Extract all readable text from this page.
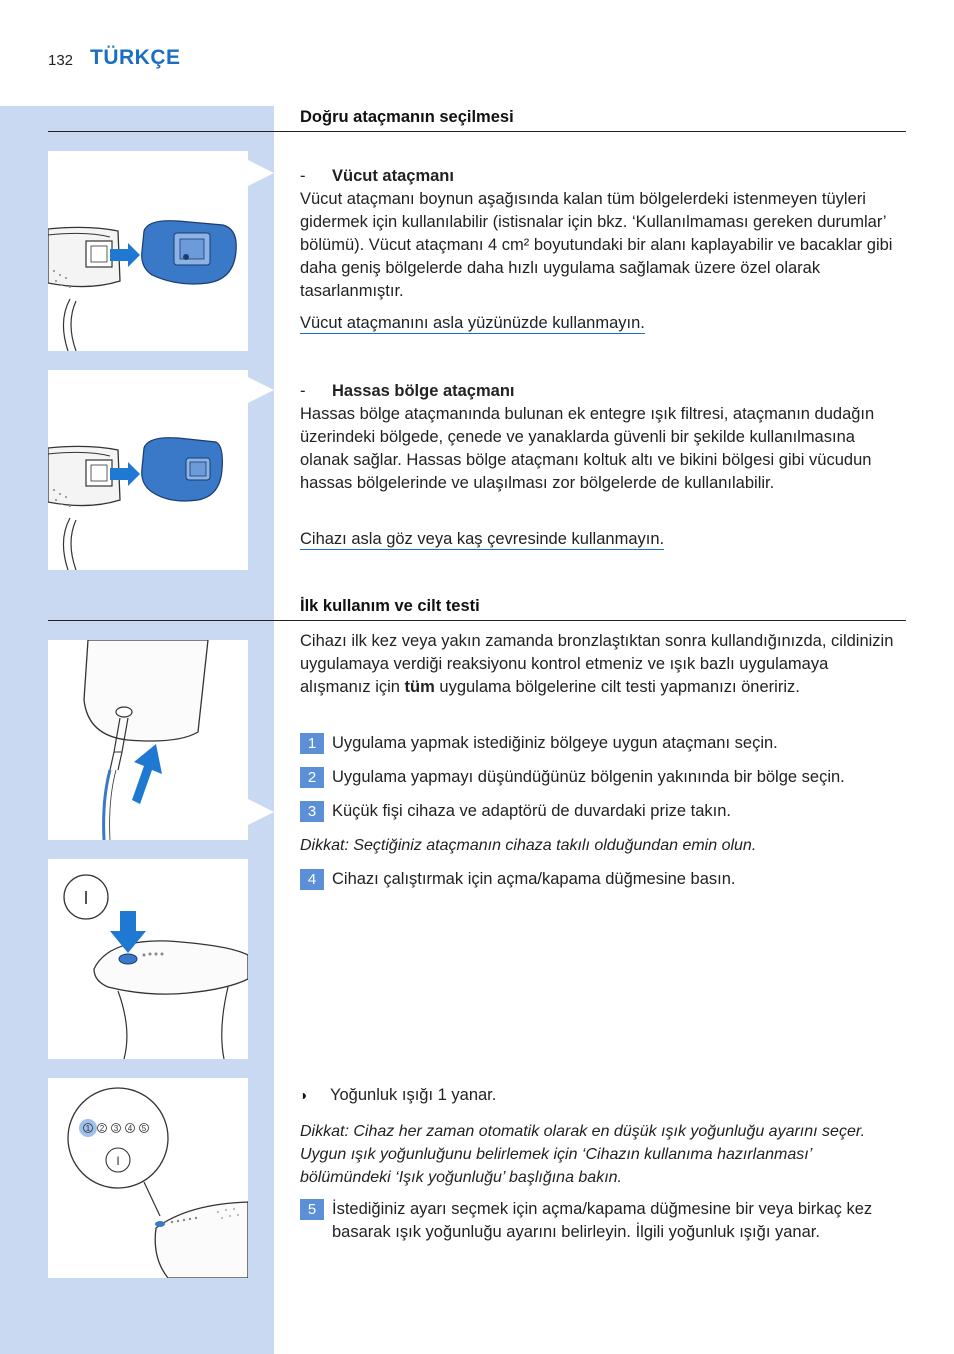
132 TÜRKÇE
Doğru ataçmanın seçilmesi
- Vücut ataçmanı
Vücut ataçmanı boynun aşağısında kalan tüm bölgelerdeki istenmeyen tüyleri gidermek için kullanılabilir (istisnalar için bkz. ‘Kullanılmaması gereken durumlar’ bölümü). Vücut ataçmanı 4 cm² boyutundaki bir alanı kaplayabilir ve bacaklar gibi daha geniş bölgelerde daha hızlı uygulama sağlamak üzere özel olarak tasarlanmıştır.
Vücut ataçmanını asla yüzünüzde kullanmayın.
- Hassas bölge ataçmanı
Hassas bölge ataçmanında bulunan ek entegre ışık filtresi, ataçmanın dudağın üzerindeki bölgede, çenede ve yanaklarda güvenli bir şekilde kullanılmasına olanak sağlar. Hassas bölge ataçmanı koltuk altı ve bikini bölgesi gibi vücudun hassas bölgelerinde ve ulaşılması zor bölgelerde de kullanılabilir.
Cihazı asla göz veya kaş çevresinde kullanmayın.
İlk kullanım ve cilt testi
Cihazı ilk kez veya yakın zamanda bronzlaştıktan sonra kullandığınızda, cildinizin uygulamaya verdiği reaksiyonu kontrol etmeniz ve ışık bazlı uygulamaya alışmanız için tüm uygulama bölgelerine cilt testi yapmanızı öneririz.
1 Uygulama yapmak istediğiniz bölgeye uygun ataçmanı seçin.
2 Uygulama yapmayı düşündüğünüz bölgenin yakınında bir bölge seçin.
3 Küçük fişi cihaza ve adaptörü de duvardaki prize takın.
Dikkat: Seçtiğiniz ataçmanın cihaza takılı olduğundan emin olun.
4 Cihazı çalıştırmak için açma/kapama düğmesine basın.
I
1 2 3 4 5
I
◗ Yoğunluk ışığı 1 yanar.
Dikkat: Cihaz her zaman otomatik olarak en düşük ışık yoğunluğu ayarını seçer. Uygun ışık yoğunluğunu belirlemek için ‘Cihazın kullanıma hazırlanması’ bölümündeki ‘Işık yoğunluğu’ başlığına bakın.
5 İstediğiniz ayarı seçmek için açma/kapama düğmesine bir veya birkaç kez basarak ışık yoğunluğu ayarını belirleyin. İlgili yoğunluk ışığı yanar.
